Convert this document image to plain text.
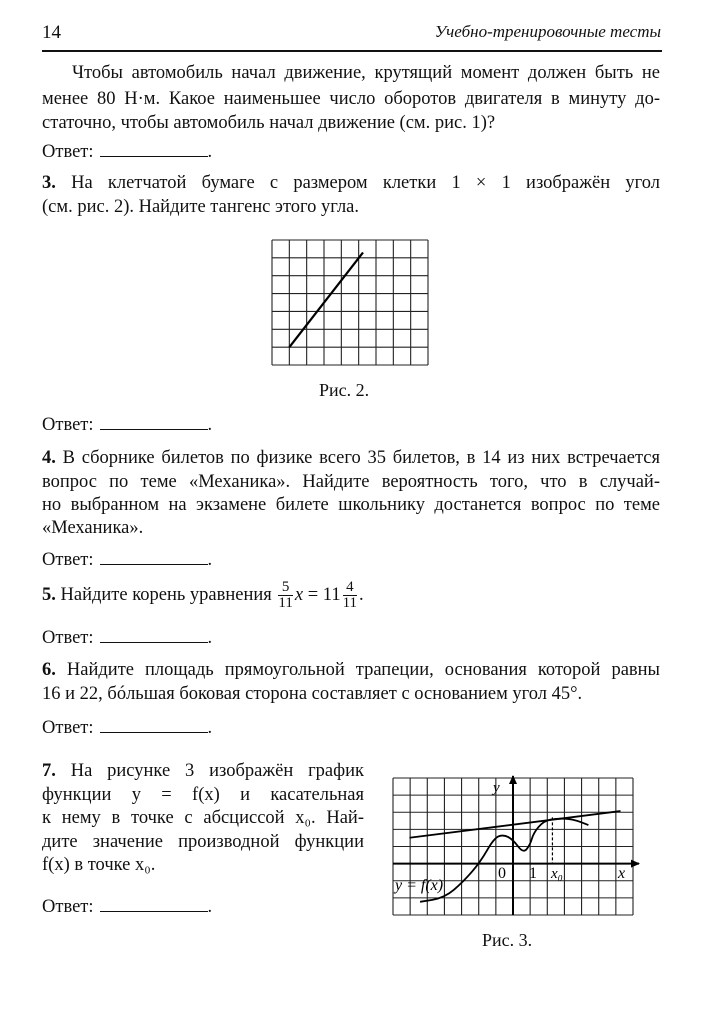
14	Учебно-тренировочные тесты
Чтобы автомобиль начал движение, крутящий момент должен быть не
менее 80 Н·м. Какое наименьшее число оборотов двигателя в минуту до-
статочно, чтобы автомобиль начал движение (см. рис. 1)?
Ответ:	.
3. На клетчатой бумаге с размером клетки 1 × 1 изображён угол
(см. рис. 2). Найдите тангенс этого угла.
Рис. 2.
Ответ:	.
4. В сборнике билетов по физике всего 35 билетов, в 14 из них встречается
вопрос по теме «Механика». Найдите вероятность того, что в случай-
но выбранном на экзамене билете школьнику достанется вопрос по теме
«Механика».
Ответ:	.
5. Найдите корень уравнения $\frac{5}{11}$ $x = 11 \frac{4}{11}$ .
Ответ:	.
6. Найдите площадь прямоугольной трапеции, основания которой равны
16 и 22, бóльшая боковая сторона составляет с основанием угол 45°.
Ответ:	.
7. На рисунке 3 изображён график
функции y = f(x) и касательная
к нему в точке с абсциссой x₀. Най-
дите значение производной функции
f(x) в точке x₀.
Ответ:	.
y
x
0 1 x₀
y = f(x)
Рис. 3.
